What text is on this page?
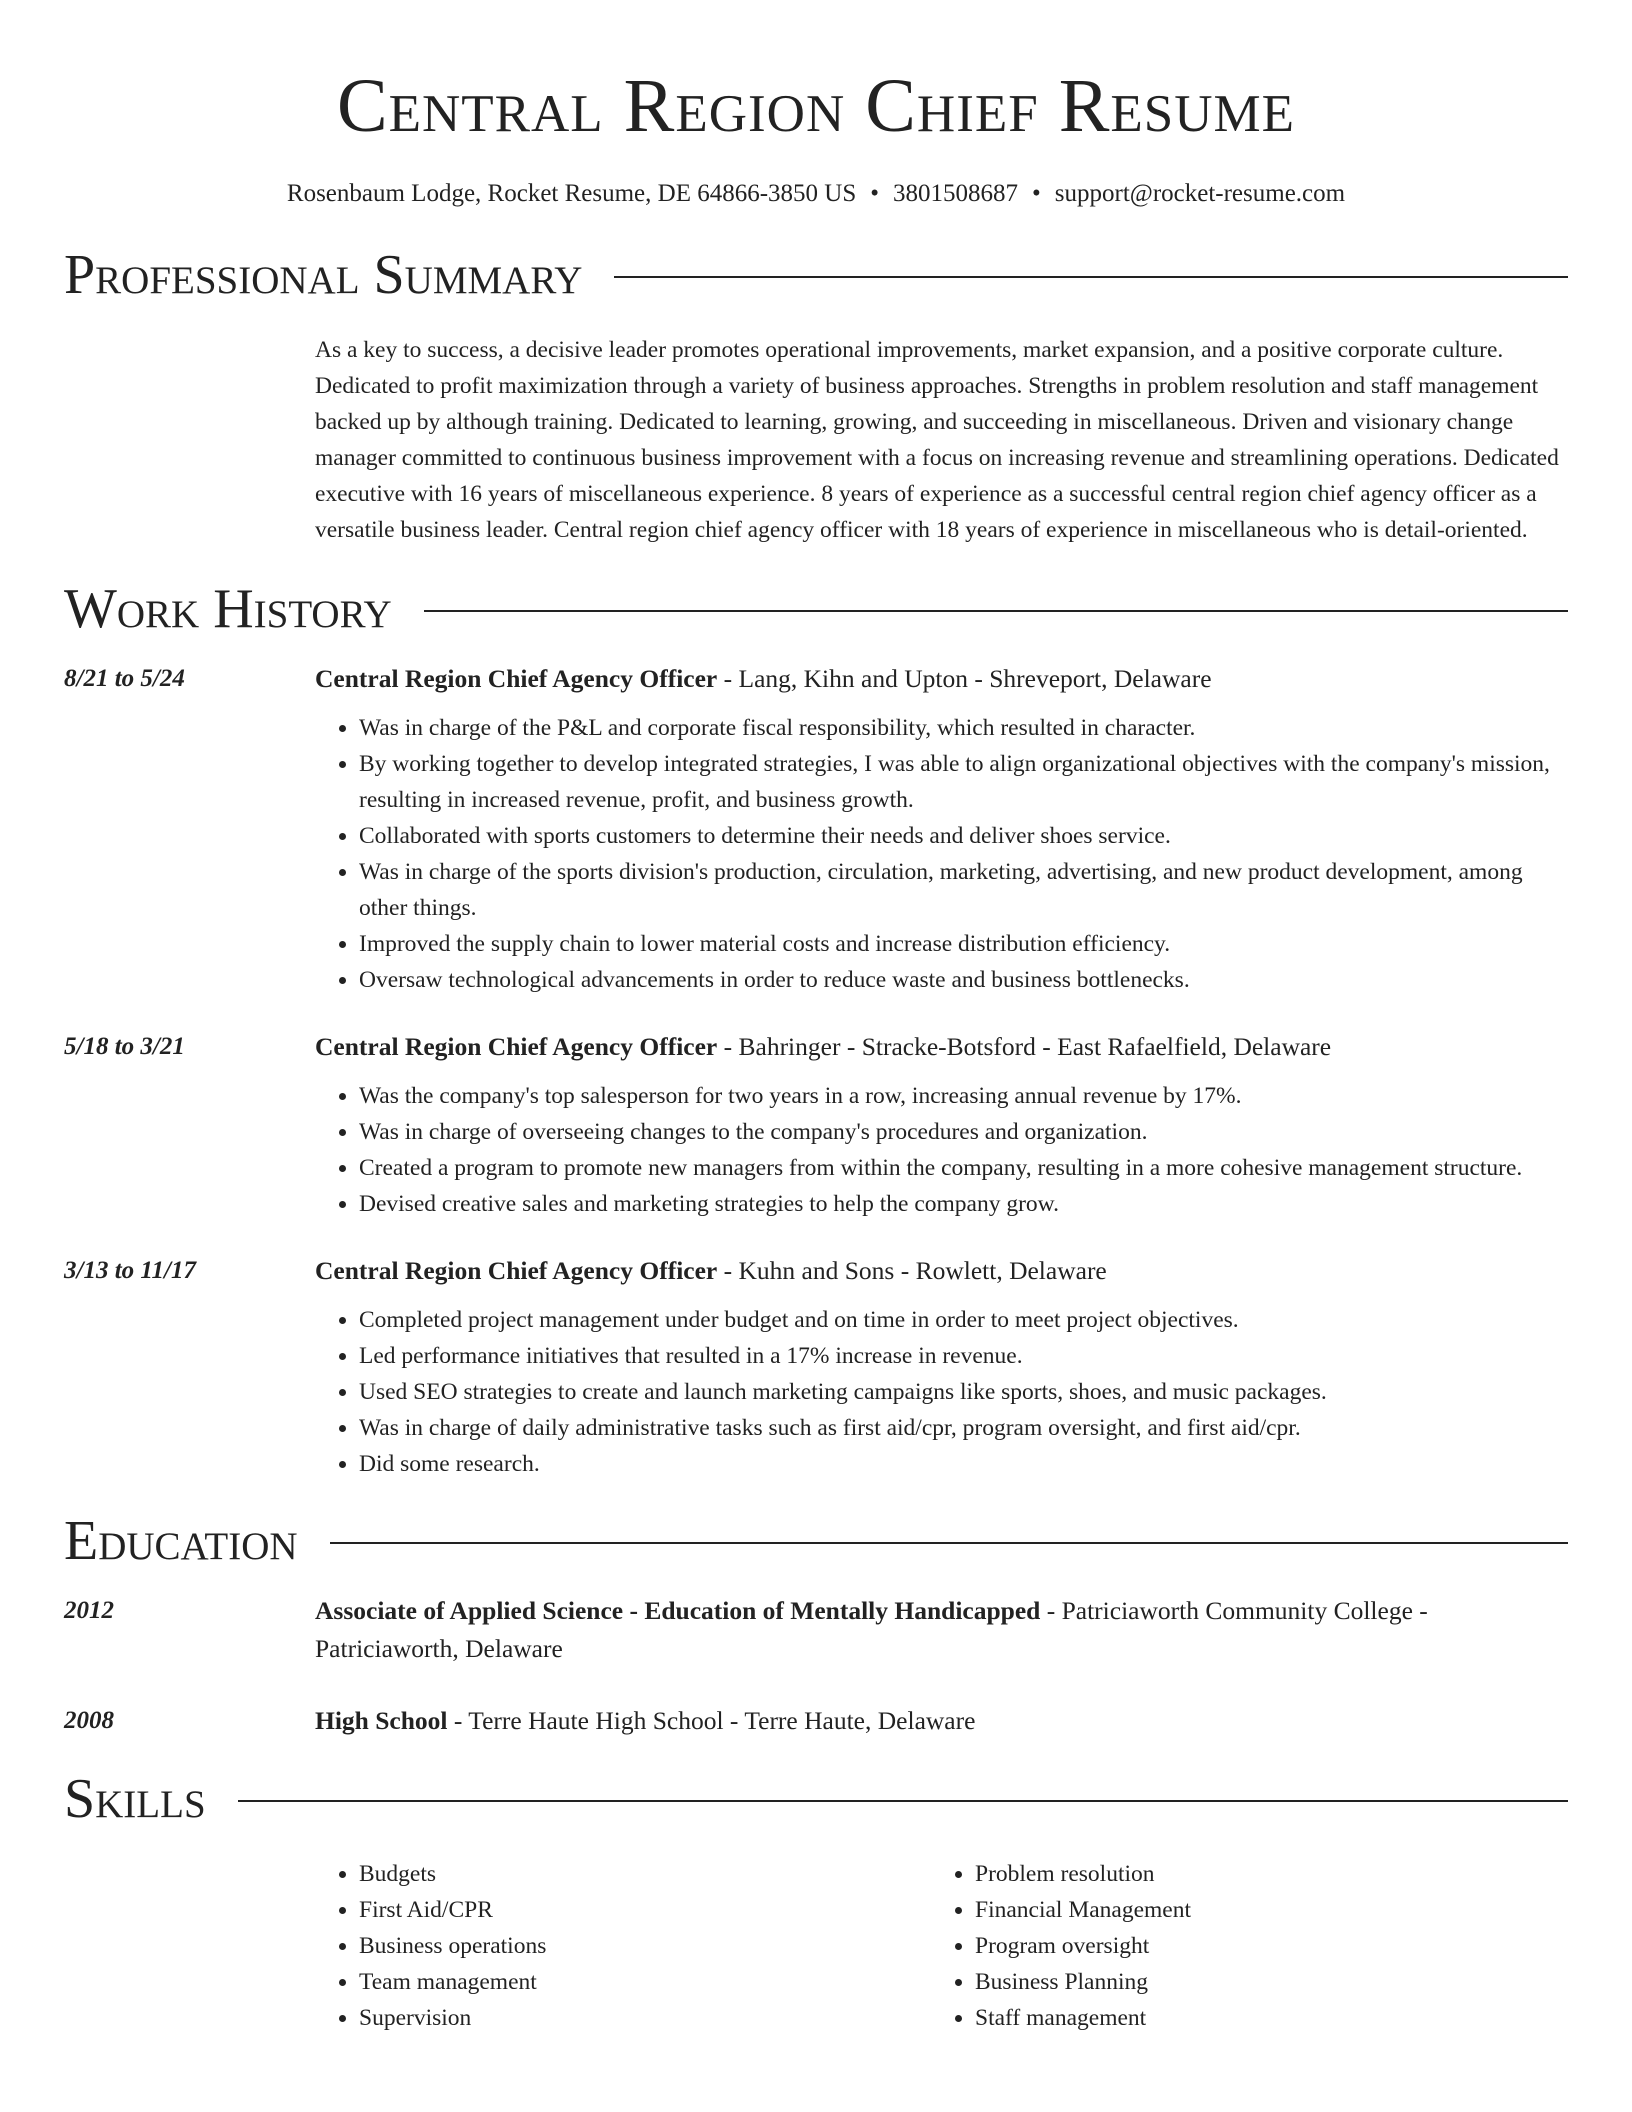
Central Region Chief Resume
Rosenbaum Lodge, Rocket Resume, DE 64866-3850 US • 3801508687 • support@rocket-resume.com
Professional Summary
As a key to success, a decisive leader promotes operational improvements, market expansion, and a positive corporate culture. Dedicated to profit maximization through a variety of business approaches. Strengths in problem resolution and staff management backed up by although training. Dedicated to learning, growing, and succeeding in miscellaneous. Driven and visionary change manager committed to continuous business improvement with a focus on increasing revenue and streamlining operations. Dedicated executive with 16 years of miscellaneous experience. 8 years of experience as a successful central region chief agency officer as a versatile business leader. Central region chief agency officer with 18 years of experience in miscellaneous who is detail-oriented.
Work History
8/21 to 5/24	Central Region Chief Agency Officer - Lang, Kihn and Upton - Shreveport, Delaware
• Was in charge of the P&L and corporate fiscal responsibility, which resulted in character.
• By working together to develop integrated strategies, I was able to align organizational objectives with the company's mission, resulting in increased revenue, profit, and business growth.
• Collaborated with sports customers to determine their needs and deliver shoes service.
• Was in charge of the sports division's production, circulation, marketing, advertising, and new product development, among other things.
• Improved the supply chain to lower material costs and increase distribution efficiency.
• Oversaw technological advancements in order to reduce waste and business bottlenecks.
5/18 to 3/21	Central Region Chief Agency Officer - Bahringer - Stracke-Botsford - East Rafaelfield, Delaware
• Was the company's top salesperson for two years in a row, increasing annual revenue by 17%.
• Was in charge of overseeing changes to the company's procedures and organization.
• Created a program to promote new managers from within the company, resulting in a more cohesive management structure.
• Devised creative sales and marketing strategies to help the company grow.
3/13 to 11/17	Central Region Chief Agency Officer - Kuhn and Sons - Rowlett, Delaware
• Completed project management under budget and on time in order to meet project objectives.
• Led performance initiatives that resulted in a 17% increase in revenue.
• Used SEO strategies to create and launch marketing campaigns like sports, shoes, and music packages.
• Was in charge of daily administrative tasks such as first aid/cpr, program oversight, and first aid/cpr.
• Did some research.
Education
2012	Associate of Applied Science - Education of Mentally Handicapped - Patriciaworth Community College - Patriciaworth, Delaware
2008	High School - Terre Haute High School - Terre Haute, Delaware
Skills
• Budgets
• First Aid/CPR
• Business operations
• Team management
• Supervision
• Problem resolution
• Financial Management
• Program oversight
• Business Planning
• Staff management
